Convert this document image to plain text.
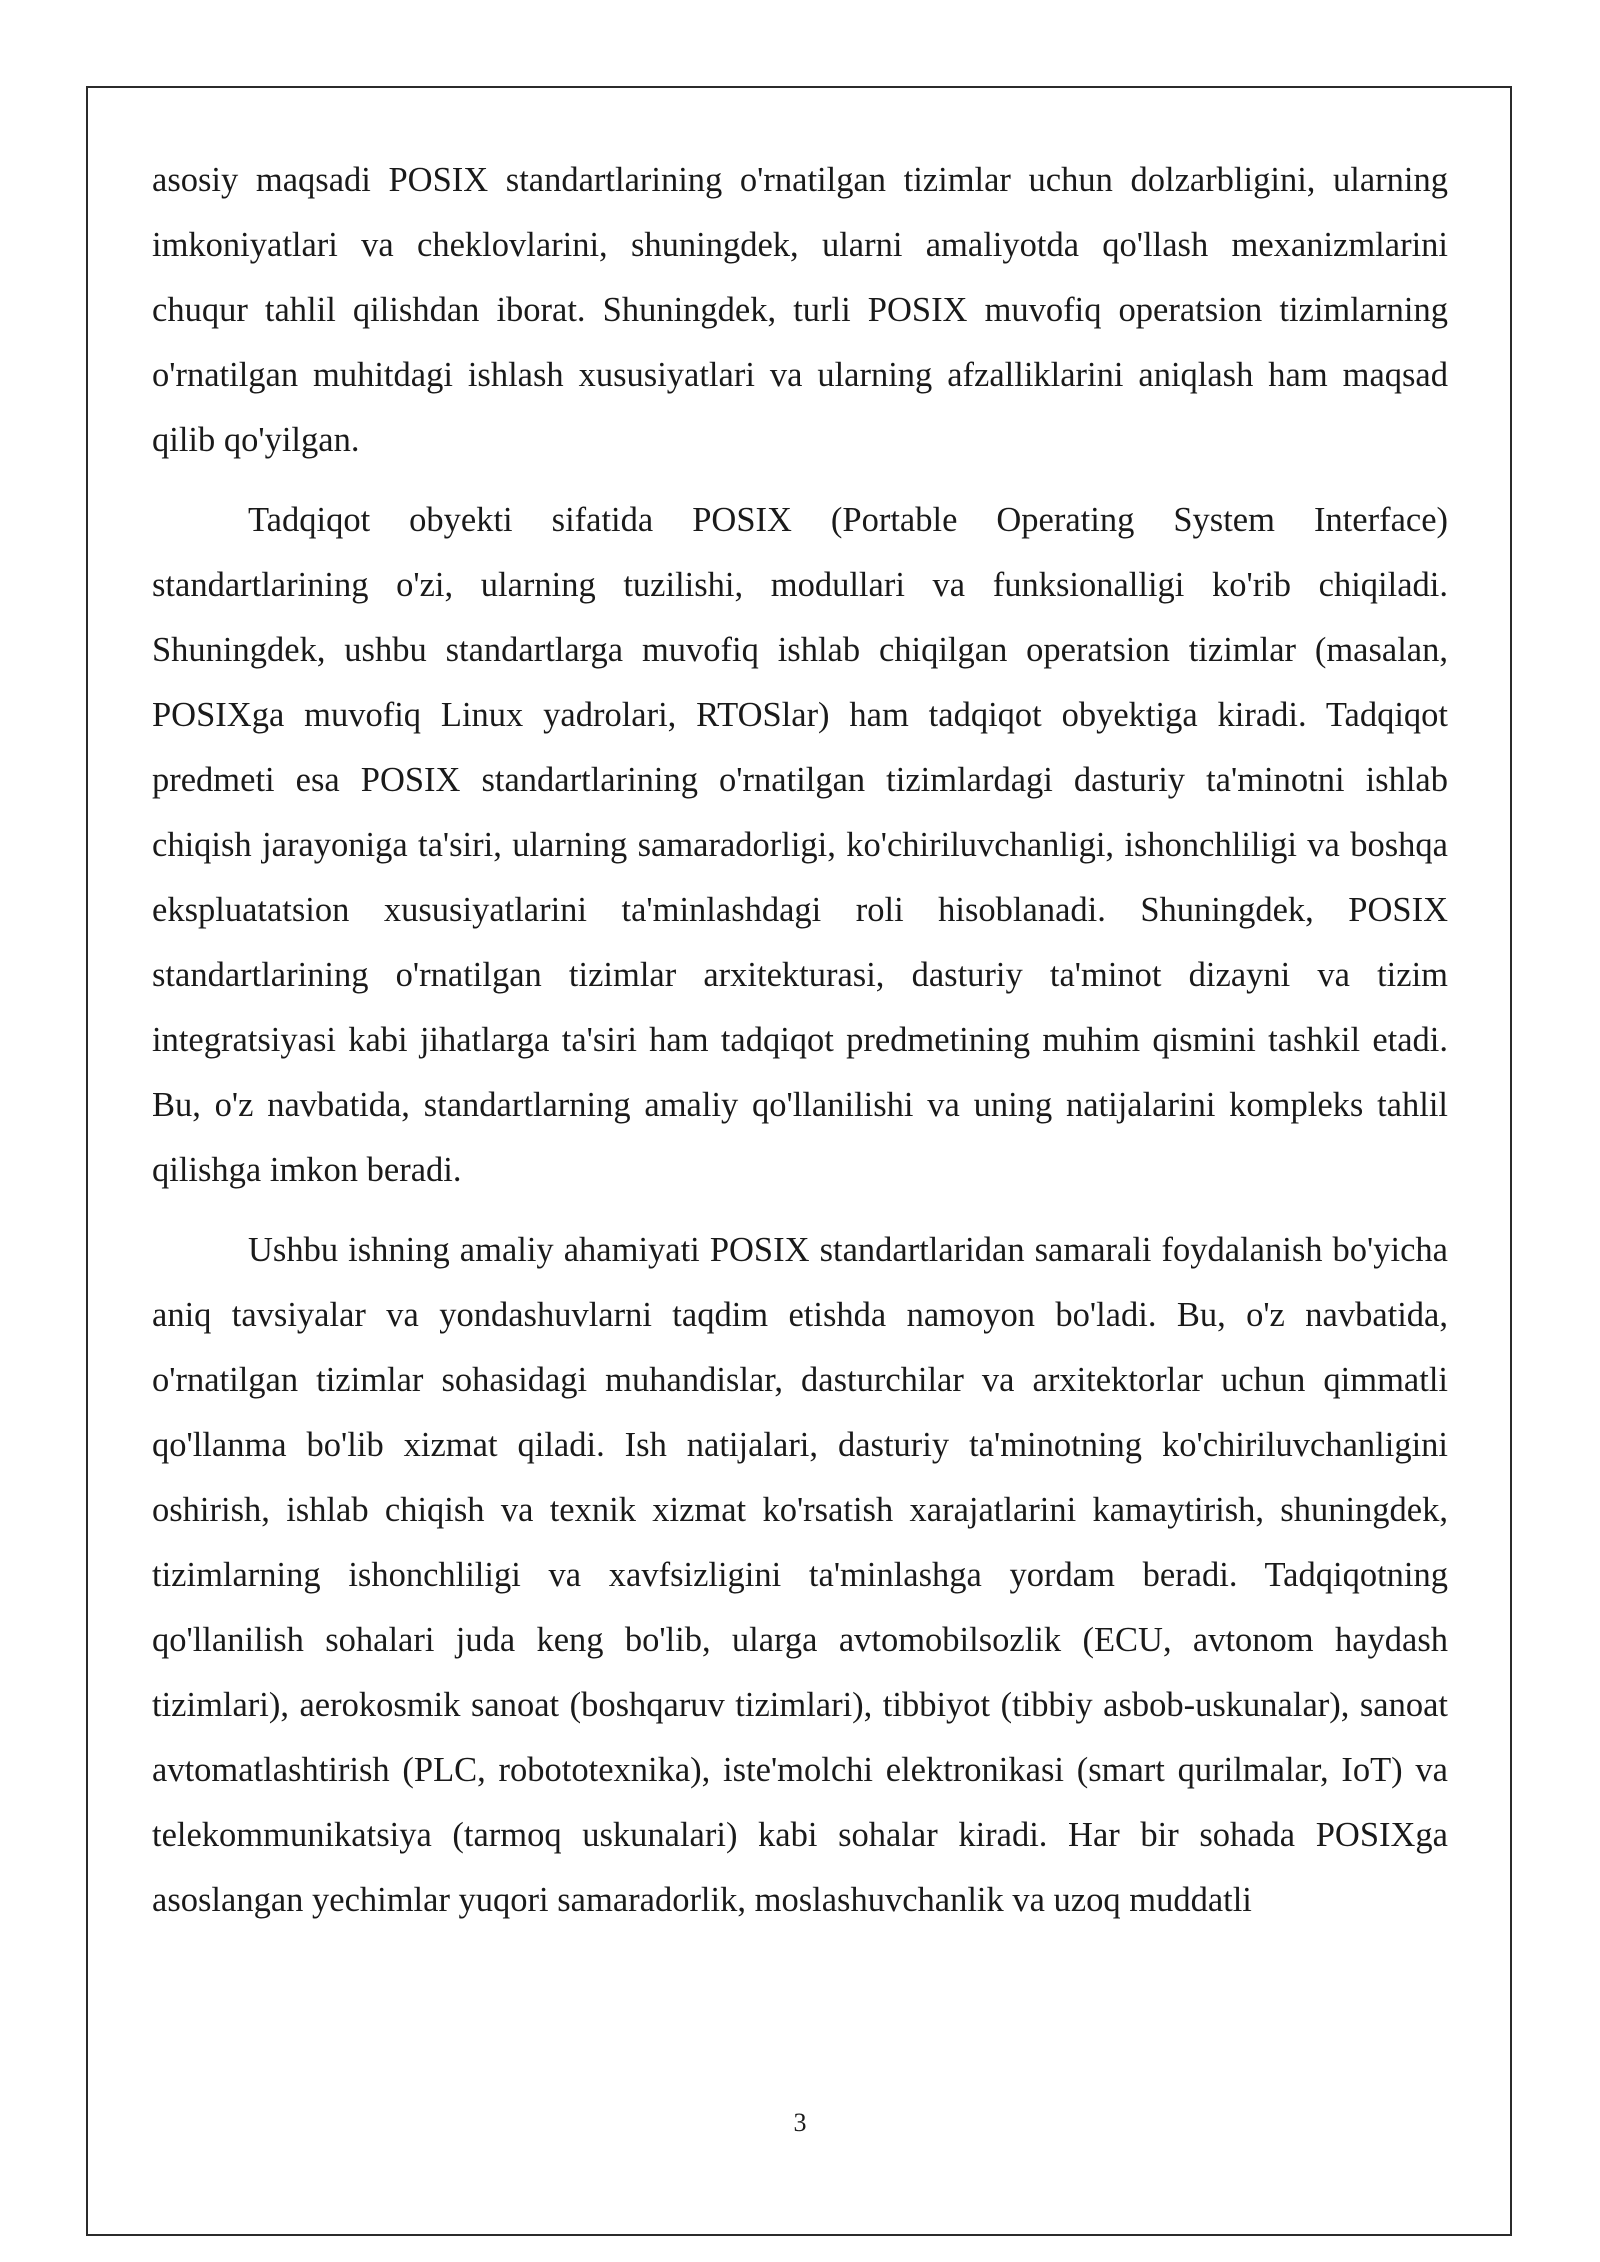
asosiy maqsadi POSIX standartlarining o'rnatilgan tizimlar uchun dolzarbligini, ularning imkoniyatlari va cheklovlarini, shuningdek, ularni amaliyotda qo'llash mexanizmlarini chuqur tahlil qilishdan iborat. Shuningdek, turli POSIX muvofiq operatsion tizimlarning o'rnatilgan muhitdagi ishlash xususiyatlari va ularning afzalliklarini aniqlash ham maqsad qilib qo'yilgan.

Tadqiqot obyekti sifatida POSIX (Portable Operating System Interface) standartlarining o'zi, ularning tuzilishi, modullari va funksionalligi ko'rib chiqiladi. Shuningdek, ushbu standartlarga muvofiq ishlab chiqilgan operatsion tizimlar (masalan, POSIXga muvofiq Linux yadrolari, RTOSlar) ham tadqiqot obyektiga kiradi. Tadqiqot predmeti esa POSIX standartlarining o'rnatilgan tizimlardagi dasturiy ta'minotni ishlab chiqish jarayoniga ta'siri, ularning samaradorligi, ko'chiriluvchanligi, ishonchliligi va boshqa ekspluatatsion xususiyatlarini ta'minlashdagi roli hisoblanadi. Shuningdek, POSIX standartlarining o'rnatilgan tizimlar arxitekturasi, dasturiy ta'minot dizayni va tizim integratsiyasi kabi jihatlarga ta'siri ham tadqiqot predmetining muhim qismini tashkil etadi. Bu, o'z navbatida, standartlarning amaliy qo'llanilishi va uning natijalarini kompleks tahlil qilishga imkon beradi.

Ushbu ishning amaliy ahamiyati POSIX standartlaridan samarali foydalanish bo'yicha aniq tavsiyalar va yondashuvlarni taqdim etishda namoyon bo'ladi. Bu, o'z navbatida, o'rnatilgan tizimlar sohasidagi muhandislar, dasturchilar va arxitektorlar uchun qimmatli qo'llanma bo'lib xizmat qiladi. Ish natijalari, dasturiy ta'minotning ko'chiriluvchanligini oshirish, ishlab chiqish va texnik xizmat ko'rsatish xarajatlarini kamaytirish, shuningdek, tizimlarning ishonchliligi va xavfsizligini ta'minlashga yordam beradi. Tadqiqotning qo'llanilish sohalari juda keng bo'lib, ularga avtomobilsozlik (ECU, avtonom haydash tizimlari), aerokosmik sanoat (boshqaruv tizimlari), tibbiyot (tibbiy asbob-uskunalar), sanoat avtomatlashtirish (PLC, robototexnika), iste'molchi elektronikasi (smart qurilmalar, IoT) va telekommunikatsiya (tarmoq uskunalari) kabi sohalar kiradi. Har bir sohada POSIXga asoslangan yechimlar yuqori samaradorlik, moslashuvchanlik va uzoq muddatli

3
